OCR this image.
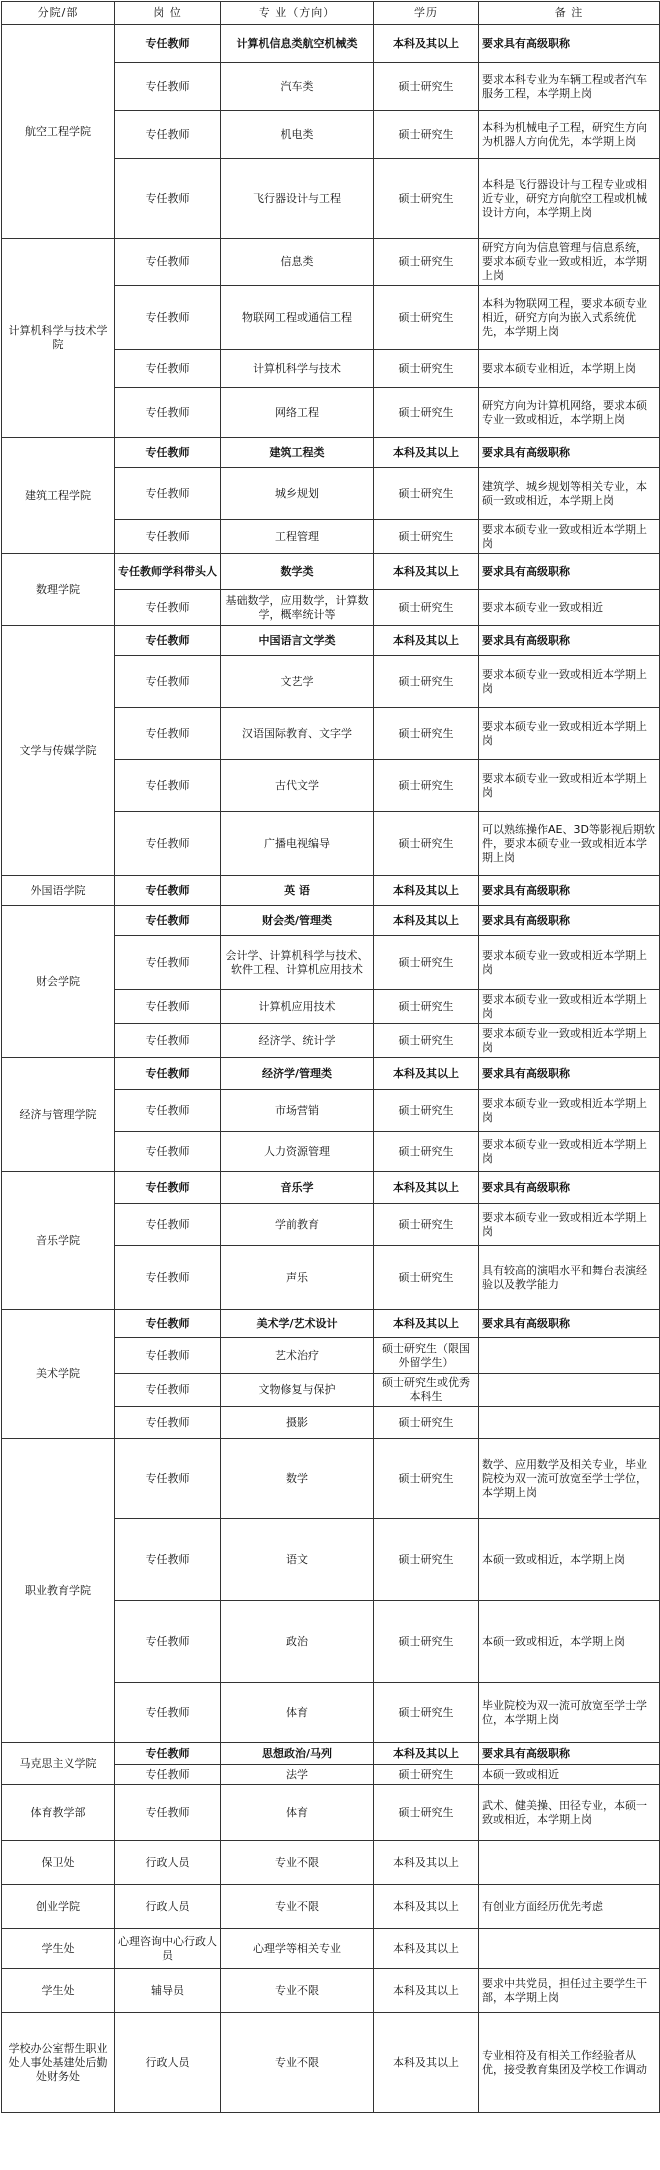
分院/部	岗 位	专 业（方向）	学历	备 注
航空工程学院	专任教师	计算机信息类航空机械类	本科及其以上	要求具有高级职称
	专任教师	汽车类	硕士研究生	要求本科专业为车辆工程或者汽车服务工程，本学期上岗
	专任教师	机电类	硕士研究生	本科为机械电子工程，研究生方向为机器人方向优先，本学期上岗
	专任教师	飞行器设计与工程	硕士研究生	本科是飞行器设计与工程专业或相近专业，研究方向航空工程或机械设计方向，本学期上岗
计算机科学与技术学院	专任教师	信息类	硕士研究生	研究方向为信息管理与信息系统，要求本硕专业一致或相近，本学期上岗
	专任教师	物联网工程或通信工程	硕士研究生	本科为物联网工程，要求本硕专业相近，研究方向为嵌入式系统优先，本学期上岗
	专任教师	计算机科学与技术	硕士研究生	要求本硕专业相近，本学期上岗
	专任教师	网络工程	硕士研究生	研究方向为计算机网络，要求本硕专业一致或相近，本学期上岗
建筑工程学院	专任教师	建筑工程类	本科及其以上	要求具有高级职称
	专任教师	城乡规划	硕士研究生	建筑学、城乡规划等相关专业，本硕一致或相近，本学期上岗
	专任教师	工程管理	硕士研究生	要求本硕专业一致或相近本学期上岗
数理学院	专任教师学科带头人	数学类	本科及其以上	要求具有高级职称
	专任教师	基础数学，应用数学，计算数学，概率统计等	硕士研究生	要求本硕专业一致或相近
文学与传媒学院	专任教师	中国语言文学类	本科及其以上	要求具有高级职称
	专任教师	文艺学	硕士研究生	要求本硕专业一致或相近本学期上岗
	专任教师	汉语国际教育、文字学	硕士研究生	要求本硕专业一致或相近本学期上岗
	专任教师	古代文学	硕士研究生	要求本硕专业一致或相近本学期上岗
	专任教师	广播电视编导	硕士研究生	可以熟练操作AE、3D等影视后期软件，要求本硕专业一致或相近本学期上岗
外国语学院	专任教师	英 语	本科及其以上	要求具有高级职称
财会学院	专任教师	财会类/管理类	本科及其以上	要求具有高级职称
	专任教师	会计学、计算机科学与技术、软件工程、计算机应用技术	硕士研究生	要求本硕专业一致或相近本学期上岗
	专任教师	计算机应用技术	硕士研究生	要求本硕专业一致或相近本学期上岗
	专任教师	经济学、统计学	硕士研究生	要求本硕专业一致或相近本学期上岗
经济与管理学院	专任教师	经济学/管理类	本科及其以上	要求具有高级职称
	专任教师	市场营销	硕士研究生	要求本硕专业一致或相近本学期上岗
	专任教师	人力资源管理	硕士研究生	要求本硕专业一致或相近本学期上岗
音乐学院	专任教师	音乐学	本科及其以上	要求具有高级职称
	专任教师	学前教育	硕士研究生	要求本硕专业一致或相近本学期上岗
	专任教师	声乐	硕士研究生	具有较高的演唱水平和舞台表演经验以及教学能力
美术学院	专任教师	美术学/艺术设计	本科及其以上	要求具有高级职称
	专任教师	艺术治疗	硕士研究生（限国外留学生）	
	专任教师	文物修复与保护	硕士研究生或优秀本科生	
	专任教师	摄影	硕士研究生	
职业教育学院	专任教师	数学	硕士研究生	数学、应用数学及相关专业，毕业院校为双一流可放宽至学士学位，本学期上岗
	专任教师	语文	硕士研究生	本硕一致或相近，本学期上岗
	专任教师	政治	硕士研究生	本硕一致或相近，本学期上岗
	专任教师	体育	硕士研究生	毕业院校为双一流可放宽至学士学位，本学期上岗
马克思主义学院	专任教师	思想政治/马列	本科及其以上	要求具有高级职称
	专任教师	法学	硕士研究生	本硕一致或相近
体育教学部	专任教师	体育	硕士研究生	武术、健美操、田径专业，本硕一致或相近，本学期上岗
保卫处	行政人员	专业不限	本科及其以上	
创业学院	行政人员	专业不限	本科及其以上	有创业方面经历优先考虑
学生处	心理咨询中心行政人员	心理学等相关专业	本科及其以上	
学生处	辅导员	专业不限	本科及其以上	要求中共党员，担任过主要学生干部，本学期上岗
学校办公室帮生职业处人事处基建处后勤处财务处	行政人员	专业不限	本科及其以上	专业相符及有相关工作经验者从优，接受教育集团及学校工作调动
